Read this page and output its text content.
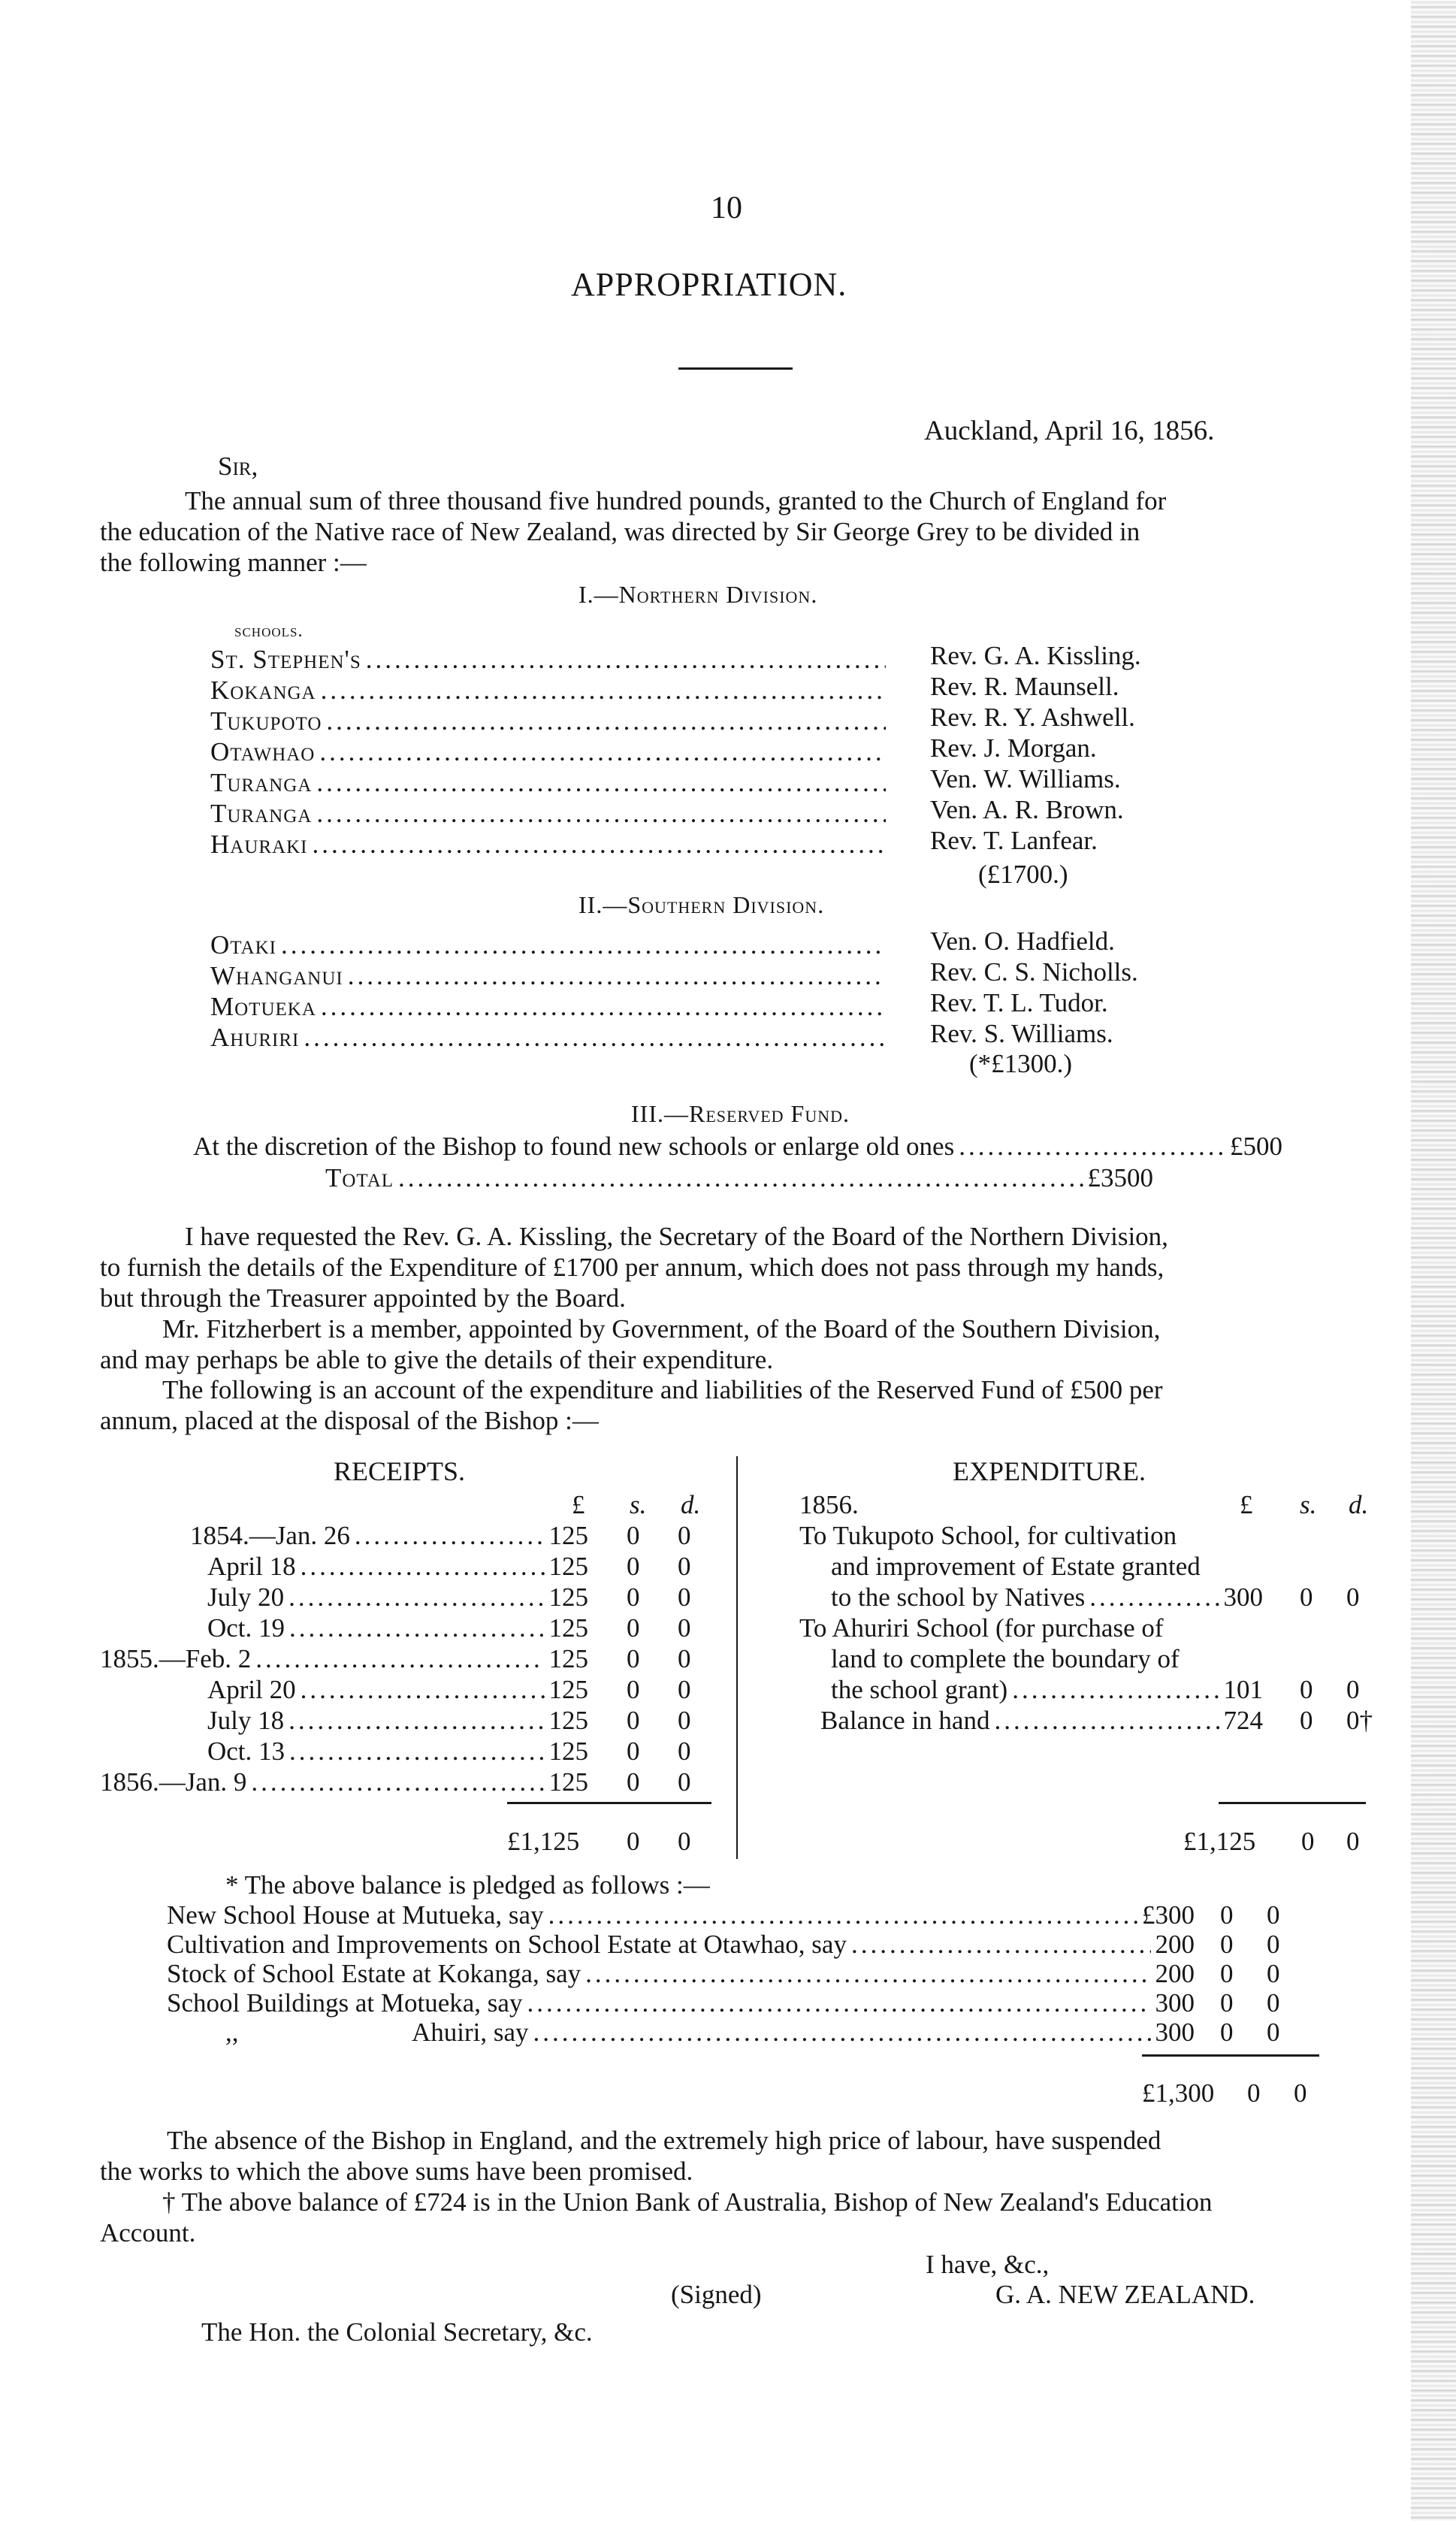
10
APPROPRIATION.
Auckland, April 16, 1856.
Sir,
The annual sum of three thousand five hundred pounds, granted to the Church of England for
the education of the Native race of New Zealand, was directed by Sir George Grey to be divided in
the following manner :—
I.—Northern Division.
schools.
St. Stephen's .....	Rev. G. A. Kissling.
Kokanga .....	Rev. R. Maunsell.
Tukupoto .....	Rev. R. Y. Ashwell.
Otawhao .....	Rev. J. Morgan.
Turanga .....	Ven. W. Williams.
Turanga .....	Ven. A. R. Brown.
Hauraki .....	Rev. T. Lanfear.
(£1700.)
II.—Southern Division.
Otaki .....	Ven. O. Hadfield.
Whanganui .....	Rev. C. S. Nicholls.
Motueka .....	Rev. T. L. Tudor.
Ahuriri .....	Rev. S. Williams.
(*£1300.)
III.—Reserved Fund.
At the discretion of the Bishop to found new schools or enlarge old ones .....	£500
Total .....	£3500
I have requested the Rev. G. A. Kissling, the Secretary of the Board of the Northern Division,
to furnish the details of the Expenditure of £1700 per annum, which does not pass through my hands,
but through the Treasurer appointed by the Board.
Mr. Fitzherbert is a member, appointed by Government, of the Board of the Southern Division,
and may perhaps be able to give the details of their expenditure.
The following is an account of the expenditure and liabilities of the Reserved Fund of £500 per
annum, placed at the disposal of the Bishop :—
RECEIPTS.
£ s. d.
1854.—Jan. 26 .....	125 0 0
April 18 .....	125 0 0
July 20 .....	125 0 0
Oct. 19 .....	125 0 0
1855.—Feb. 2 .....	125 0 0
April 20 .....	125 0 0
July 18 .....	125 0 0
Oct. 13 .....	125 0 0
1856.—Jan. 9 .....	125 0 0
£1,125 0 0
EXPENDITURE.
1856.	£ s. d.
To Tukupoto School, for cultivation
and improvement of Estate granted
to the school by Natives .....	300 0 0
To Ahuriri School (for purchase of
land to complete the boundary of
the school grant) .....	101 0 0
Balance in hand .....	724 0 0†
£1,125 0 0
* The above balance is pledged as follows :—
New School House at Mutueka, say .....	£300 0 0
Cultivation and Improvements on School Estate at Otawhao, say .....	200 0 0
Stock of School Estate at Kokanga, say .....	200 0 0
School Buildings at Motueka, say .....	300 0 0
,,	Ahuiri, say .....	300 0 0
£1,300 0 0
The absence of the Bishop in England, and the extremely high price of labour, have suspended
the works to which the above sums have been promised.
† The above balance of £724 is in the Union Bank of Australia, Bishop of New Zealand's Education
Account.
I have, &c.,
(Signed)	G. A. NEW ZEALAND.
The Hon. the Colonial Secretary, &c.
